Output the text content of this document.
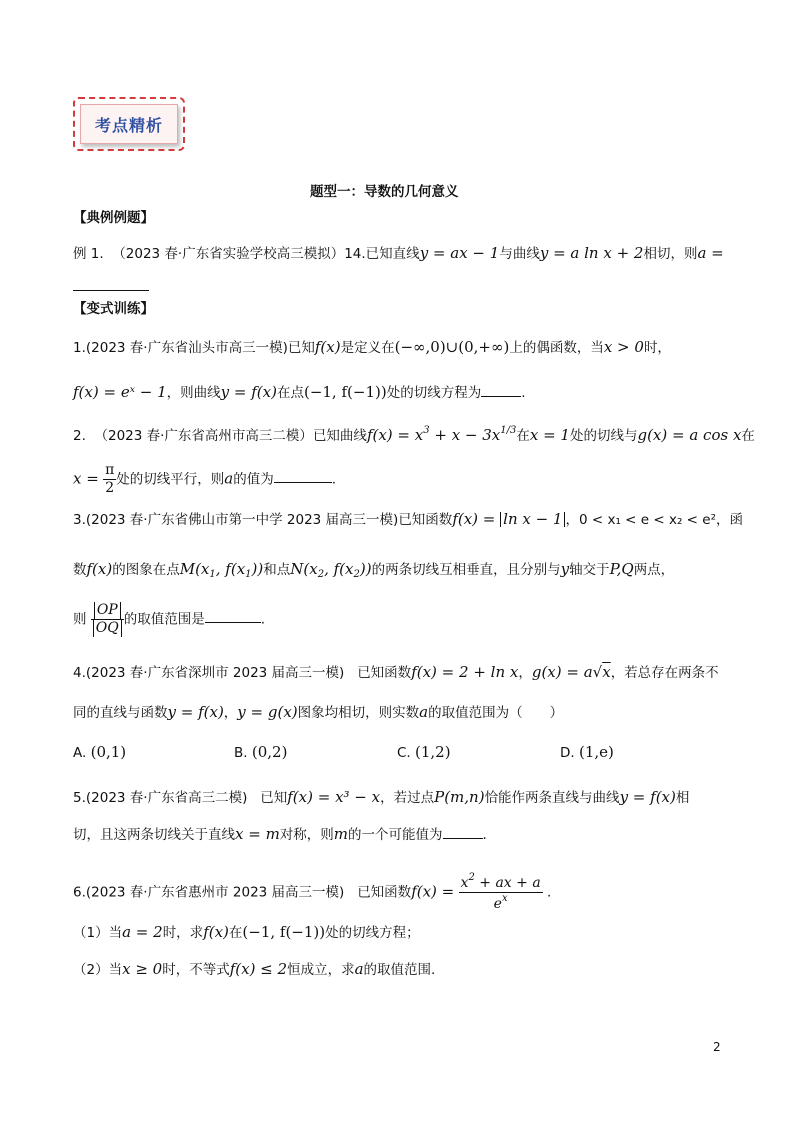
考点精析
题型一：导数的几何意义
【典例例题】
例 1. （2023 春·广东省实验学校高三模拟）14.已知直线y = ax − 1与曲线y = a ln x + 2相切，则a =
【变式训练】
1.(2023 春·广东省汕头市高三一模)已知f(x)是定义在(−∞,0)∪(0,+∞)上的偶函数，当x > 0时，
f(x) = eˣ − 1，则曲线y = f(x)在点(−1, f(−1))处的切线方程为	.
2. （2023 春·广东省高州市高三二模）已知曲线$f(x) = x^3 + x - 3x^{1/3}$在x = 1处的切线与g(x) = a cos x在
$x = \frac{\pi}{2}$ 处的切线平行，则a的值为	.
3.(2023 春·广东省佛山市第一中学 2023 届高三一模)已知函数f(x) = ln x − 1 ，0 < x₁ < e < x₂ < e²，函
数f(x)的图象在点$M(x_1$, $f(x_1)$)和点$N(x_2$, $f(x_2)$)的两条切线互相垂直，且分别与y轴交于P,Q两点，
则 $\frac{OP}{OQ}$ 的取值范围是	.
4.(2023 春·广东省深圳市 2023 届高三一模) 已知函数f(x) = 2 + ln x，g(x) = a√x，若总存在两条不
同的直线与函数y = f(x)，y = g(x)图象均相切，则实数a的取值范围为（　　）
A. (0,1)	B. (0,2)	C. (1,2)	D. (1,e)
5.(2023 春·广东省高三二模) 已知f(x) = x³ − x，若过点P(m,n)恰能作两条直线与曲线y = f(x)相
切，且这两条切线关于直线x = m对称，则m的一个可能值为	.
6.(2023 春·广东省惠州市 2023 届高三一模) 已知函数$f(x) = \frac{x^2 + ax + a}{e^x}$ .
（1）当a = 2时，求f(x)在(−1, f(−1))处的切线方程；
（2）当x ≥ 0时，不等式f(x) ≤ 2恒成立，求a的取值范围.
2
